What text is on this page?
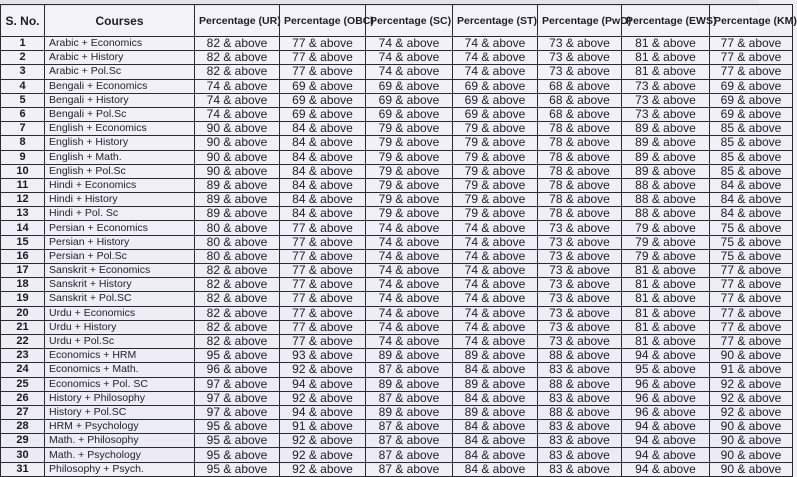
S. No.	Courses	Percentage (UR)	Percentage (OBC)	Percentage (SC)	Percentage (ST)	Percentage (PwD)	Percentage (EWS)	Percentage (KM)
1	Arabic + Economics	82 & above	77 & above	74 & above	74 & above	73 & above	81 & above	77 & above
2	Arabic + History	82 & above	77 & above	74 & above	74 & above	73 & above	81 & above	77 & above
3	Arabic + Pol.Sc	82 & above	77 & above	74 & above	74 & above	73 & above	81 & above	77 & above
4	Bengali + Economics	74 & above	69 & above	69 & above	69 & above	68 & above	73 & above	69 & above
5	Bengali + History	74 & above	69 & above	69 & above	69 & above	68 & above	73 & above	69 & above
6	Bengali + Pol.Sc	74 & above	69 & above	69 & above	69 & above	68 & above	73 & above	69 & above
7	English + Economics	90 & above	84 & above	79 & above	79 & above	78 & above	89 & above	85 & above
8	English + History	90 & above	84 & above	79 & above	79 & above	78 & above	89 & above	85 & above
9	English + Math.	90 & above	84 & above	79 & above	79 & above	78 & above	89 & above	85 & above
10	English + Pol.Sc	90 & above	84 & above	79 & above	79 & above	78 & above	89 & above	85 & above
11	Hindi + Economics	89 & above	84 & above	79 & above	79 & above	78 & above	88 & above	84 & above
12	Hindi + History	89 & above	84 & above	79 & above	79 & above	78 & above	88 & above	84 & above
13	Hindi + Pol. Sc	89 & above	84 & above	79 & above	79 & above	78 & above	88 & above	84 & above
14	Persian + Economics	80 & above	77 & above	74 & above	74 & above	73 & above	79 & above	75 & above
15	Persian + History	80 & above	77 & above	74 & above	74 & above	73 & above	79 & above	75 & above
16	Persian + Pol.Sc	80 & above	77 & above	74 & above	74 & above	73 & above	79 & above	75 & above
17	Sanskrit + Economics	82 & above	77 & above	74 & above	74 & above	73 & above	81 & above	77 & above
18	Sanskrit + History	82 & above	77 & above	74 & above	74 & above	73 & above	81 & above	77 & above
19	Sanskrit + Pol.SC	82 & above	77 & above	74 & above	74 & above	73 & above	81 & above	77 & above
20	Urdu + Economics	82 & above	77 & above	74 & above	74 & above	73 & above	81 & above	77 & above
21	Urdu + History	82 & above	77 & above	74 & above	74 & above	73 & above	81 & above	77 & above
22	Urdu + Pol.Sc	82 & above	77 & above	74 & above	74 & above	73 & above	81 & above	77 & above
23	Economics + HRM	95 & above	93 & above	89 & above	89 & above	88 & above	94 & above	90 & above
24	Economics + Math.	96 & above	92 & above	87 & above	84 & above	83 & above	95 & above	91 & above
25	Economics + Pol. SC	97 & above	94 & above	89 & above	89 & above	88 & above	96 & above	92 & above
26	History + Philosophy	97 & above	92 & above	87 & above	84 & above	83 & above	96 & above	92 & above
27	History + Pol.SC	97 & above	94 & above	89 & above	89 & above	88 & above	96 & above	92 & above
28	HRM + Psychology	95 & above	91 & above	87 & above	84 & above	83 & above	94 & above	90 & above
29	Math. + Philosophy	95 & above	92 & above	87 & above	84 & above	83 & above	94 & above	90 & above
30	Math. + Psychology	95 & above	92 & above	87 & above	84 & above	83 & above	94 & above	90 & above
31	Philosophy + Psych.	95 & above	92 & above	87 & above	84 & above	83 & above	94 & above	90 & above
